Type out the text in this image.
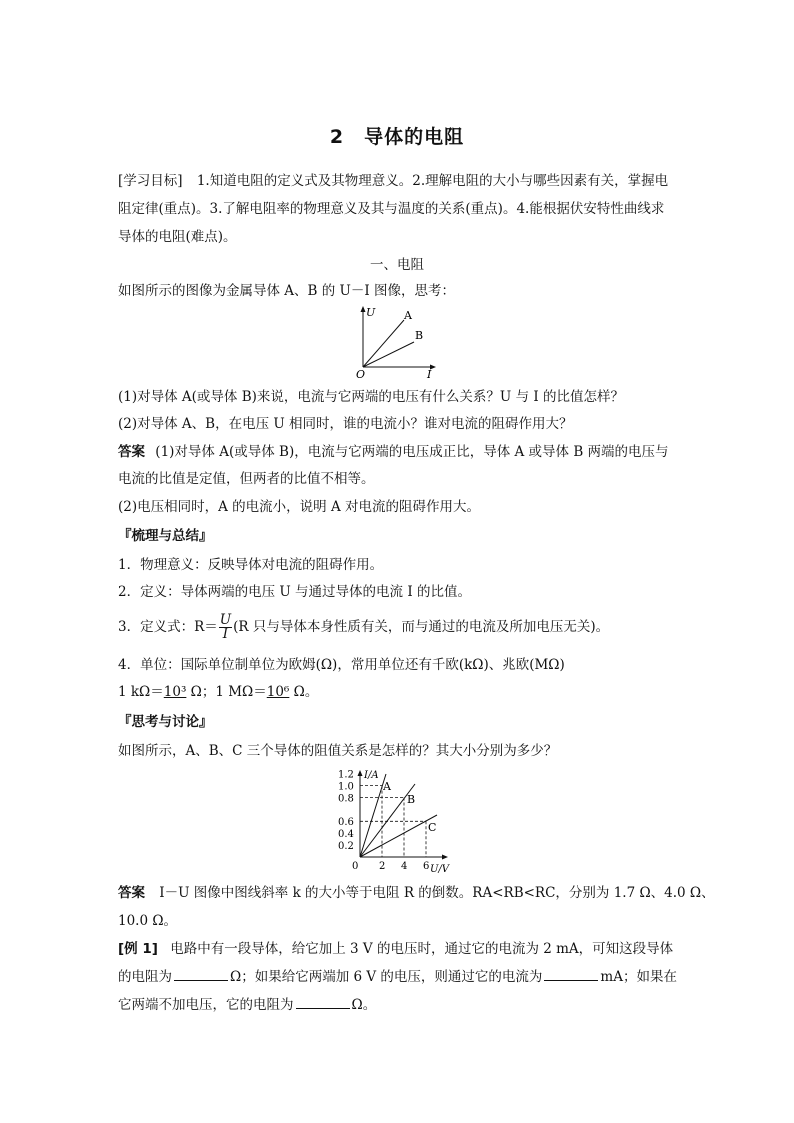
2　导体的电阻
[学习目标] 1.知道电阻的定义式及其物理意义。2.理解电阻的大小与哪些因素有关，掌握电
阻定律(重点)。3.了解电阻率的物理意义及其与温度的关系(重点)。4.能根据伏安特性曲线求
导体的电阻(难点)。
一、电阻
如图所示的图像为金属导体 A、B 的 U－I 图像，思考：
U
I
O
A
B
(1)对导体 A(或导体 B)来说，电流与它两端的电压有什么关系？U 与 I 的比值怎样？
(2)对导体 A、B，在电压 U 相同时，谁的电流小？谁对电流的阻碍作用大？
答案 (1)对导体 A(或导体 B)，电流与它两端的电压成正比，导体 A 或导体 B 两端的电压与
电流的比值是定值，但两者的比值不相等。
(2)电压相同时，A 的电流小，说明 A 对电流的阻碍作用大。
『梳理与总结』
1．物理意义：反映导体对电流的阻碍作用。
2．定义：导体两端的电压 U 与通过导体的电流 I 的比值。
3．定义式：$R= \frac{U}{I} (R$ 只与导体本身性质有关，而与通过的电流及所加电压无关)。
4．单位：国际单位制单位为欧姆(Ω)，常用单位还有千欧(kΩ)、兆欧(MΩ)
1 kΩ＝10³ Ω；1 MΩ＝10⁶ Ω。
『思考与讨论』
如图所示，A、B、C 三个导体的阻值关系是怎样的？其大小分别为多少？
I/A
U/V
0
1.2
1.0
0.8
0.6
0.4
0.2
2 4 6
A
B
C
答案 I－U 图像中图线斜率 k 的大小等于电阻 R 的倒数。RA<RB<RC，分别为 1.7 Ω、4.0 Ω、
10.0 Ω。
[例 1] 电路中有一段导体，给它加上 3 V 的电压时，通过它的电流为 2 mA，可知这段导体
的电阻为	Ω；如果给它两端加 6 V 的电压，则通过它的电流为	mA；如果在
它两端不加电压，它的电阻为	Ω。
